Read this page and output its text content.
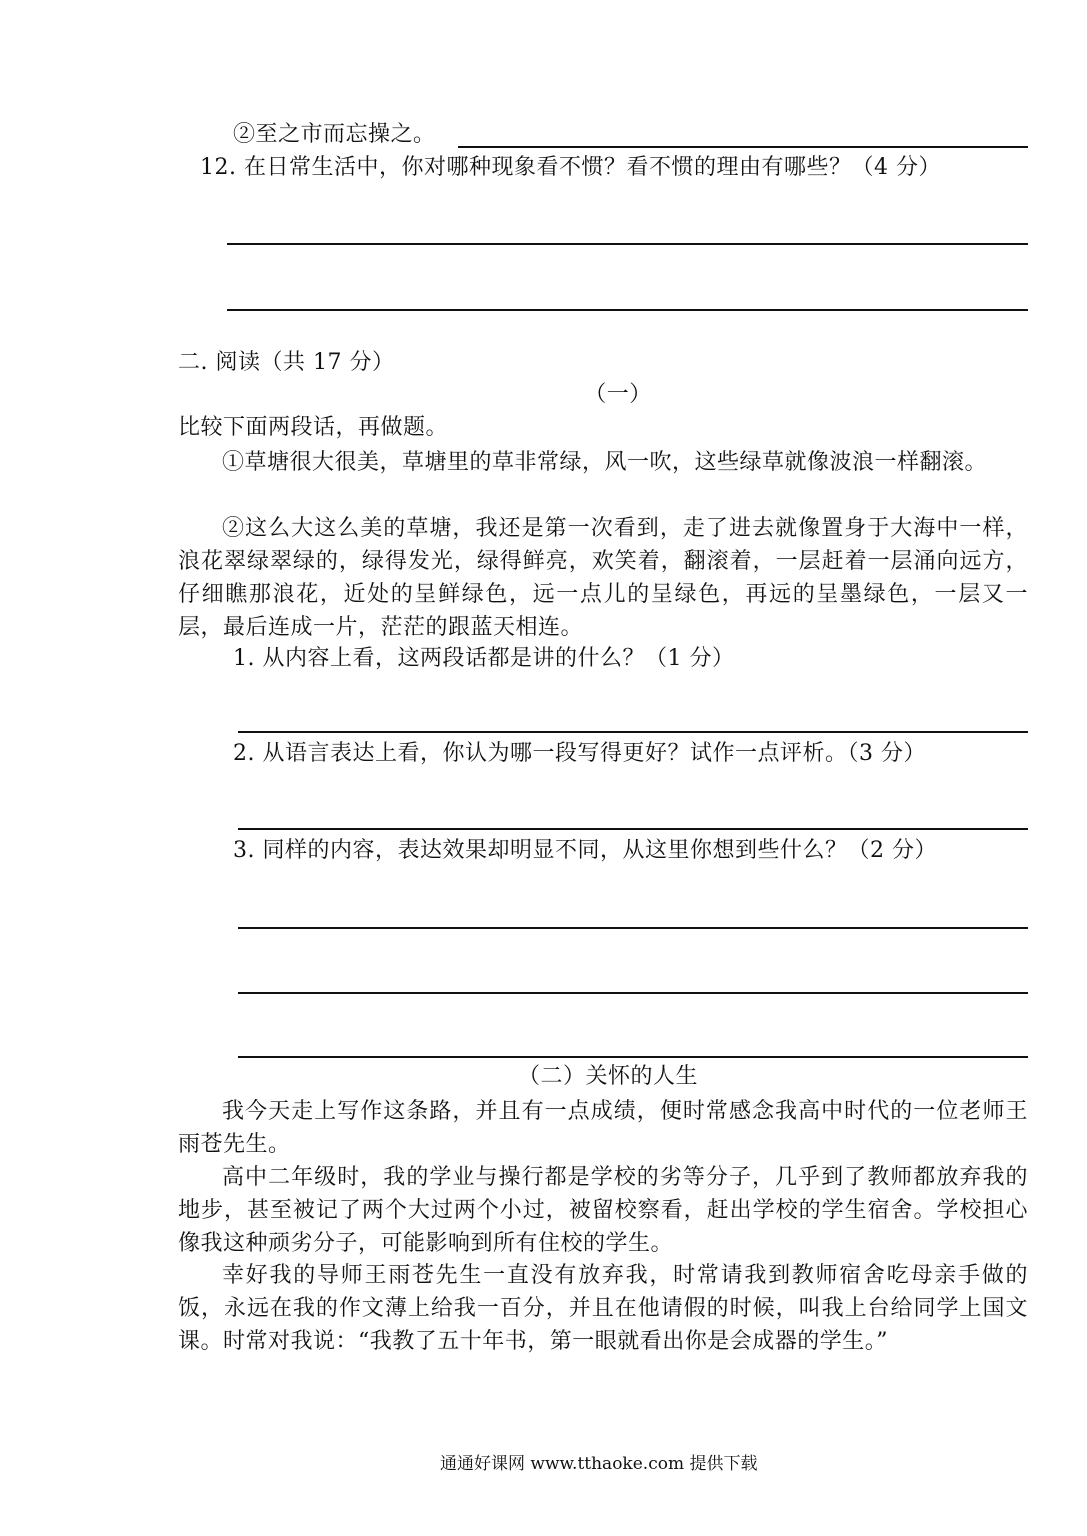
②至之市而忘操之。
12. 在日常生活中，你对哪种现象看不惯？看不惯的理由有哪些？（4 分）
二. 阅读（共 17 分）
（一）
比较下面两段话，再做题。
①草塘很大很美，草塘里的草非常绿，风一吹，这些绿草就像波浪一样翻滚。
②这么大这么美的草塘，我还是第一次看到，走了进去就像置身于大海中一样，浪花翠绿翠绿的，绿得发光，绿得鲜亮，欢笑着，翻滚着，一层赶着一层涌向远方，仔细瞧那浪花，近处的呈鲜绿色，远一点儿的呈绿色，再远的呈墨绿色，一层又一层，最后连成一片，茫茫的跟蓝天相连。
1. 从内容上看，这两段话都是讲的什么？（1 分）
2. 从语言表达上看，你认为哪一段写得更好？试作一点评析。（3 分）
3. 同样的内容，表达效果却明显不同，从这里你想到些什么？（2 分）
（二）关怀的人生
我今天走上写作这条路，并且有一点成绩，便时常感念我高中时代的一位老师王雨苍先生。
高中二年级时，我的学业与操行都是学校的劣等分子，几乎到了教师都放弃我的地步，甚至被记了两个大过两个小过，被留校察看，赶出学校的学生宿舍。学校担心像我这种顽劣分子，可能影响到所有住校的学生。
幸好我的导师王雨苍先生一直没有放弃我，时常请我到教师宿舍吃母亲手做的饭，永远在我的作文薄上给我一百分，并且在他请假的时候，叫我上台给同学上国文课。时常对我说：“我教了五十年书，第一眼就看出你是会成器的学生。”
通通好课网 www.tthaoke.com 提供下载
